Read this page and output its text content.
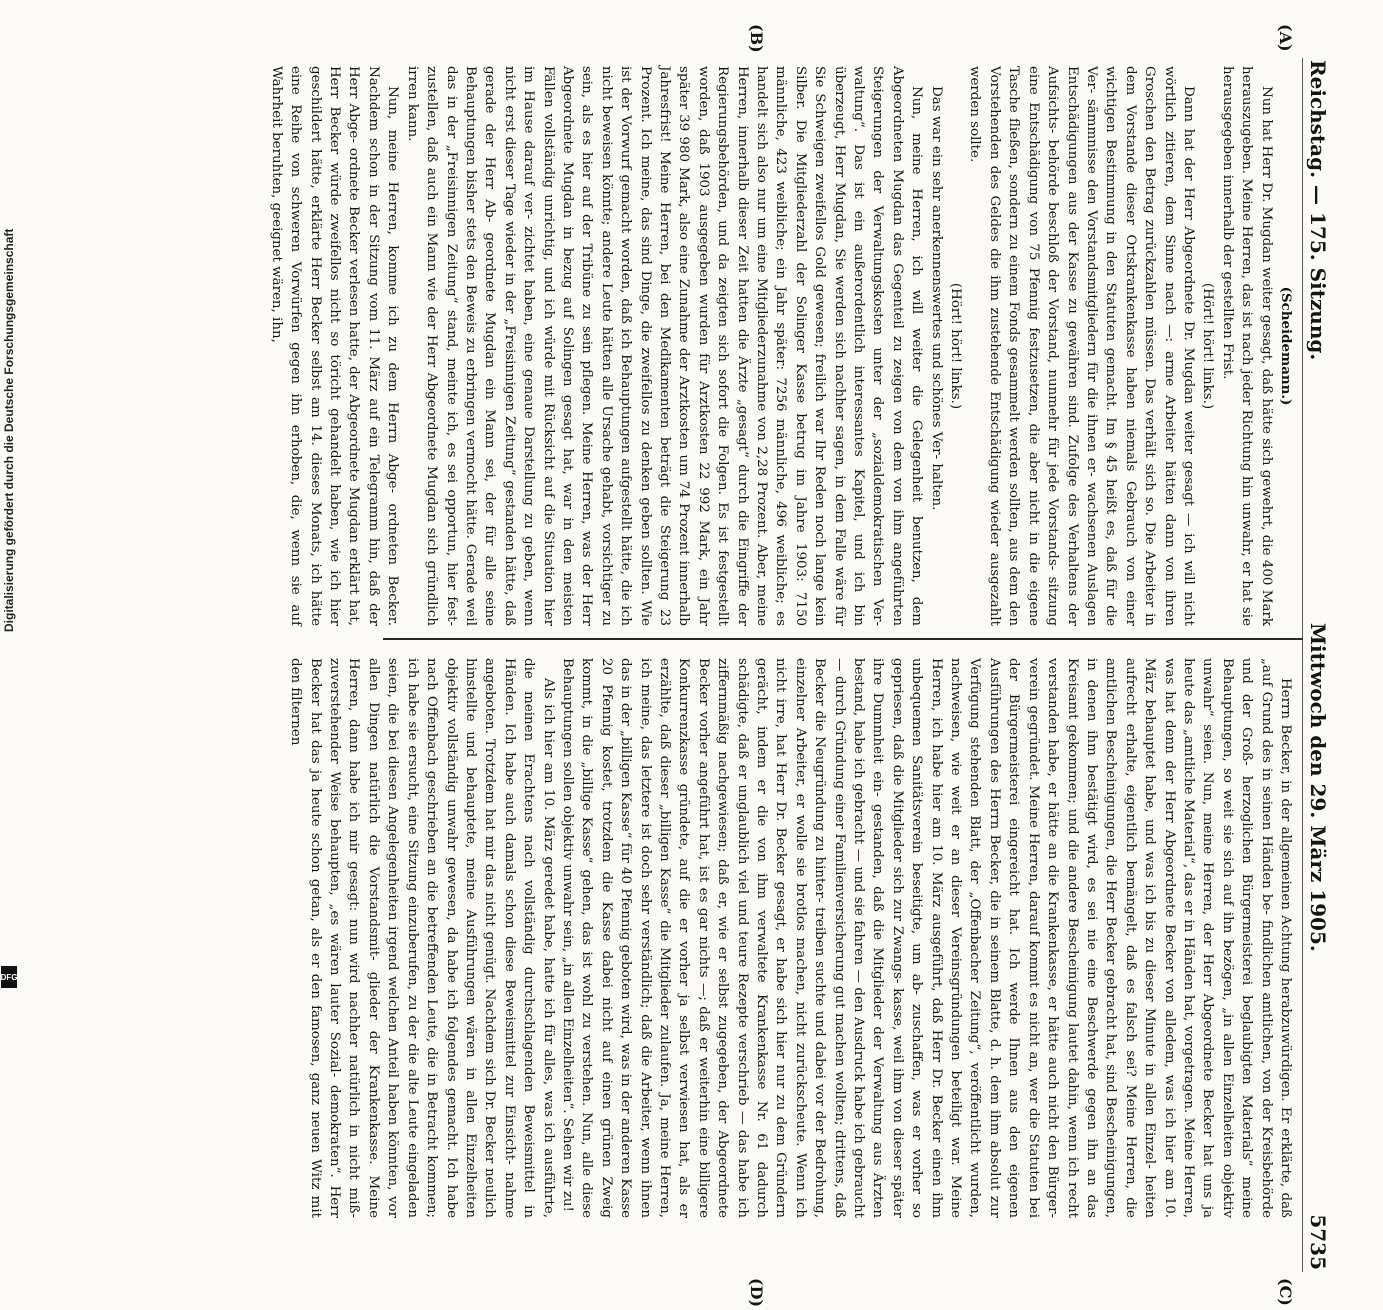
Reichstag. — 175. Sitzung.
Mittwoch den 29. März 1905.
5735
(A)
(B)
(C)
(D)

(Scheidemann.)

Nun hat Herr Dr. Mugdan weiter gesagt, daß hätte sich gewehrt, die 400 Mark herauszugeben. Meine Herren, das ist nach jeder Richtung hin unwahr, er hat sie herausgegeben innerhalb der gestellten Frist.

(Hört! hört! links.)

Dann hat der Herr Abgeordnete Dr. Mugdan weiter gesagt — ich will nicht wörtlich zitieren, dem Sinne nach —: arme Arbeiter hätten dann von ihren Groschen den Betrag zurückzahlen müssen. Das verhält sich so. Die Arbeiter in dem Vorstande dieser Ortskrankenkasse haben niemals Gebrauch von einer wichtigen Bestimmung in den Statuten gemacht. Im § 45 heißt es, daß für die Ver- sämmnisse den Vorstandsmitgliedern für die ihnen er- wachsenen Auslagen Entschädigungen aus der Kasse zu gewähren sind. Zufolge des Verhaltens der Aufsichts- behörde beschloß der Vorstand, nunmehr für jede Vorstands- sitzung eine Entschädigung von 75 Pfennig festzusetzen, die aber nicht in die eigene Tasche fließen, sondern zu einem Fonds gesammelt werden sollten, aus dem den Vorstehenden des Geldes die ihm zustehende Entschädigung wieder ausgezahlt werden sollte.

(Hört! hört! links.)

Das war ein sehr anerkennenswertes und schönes Ver- halten.

Nun, meine Herren, ich will weiter die Gelegenheit benutzen, dem Abgeordneten Mugdan das Gegenteil zu zeigen von dem von ihm angeführten Steigerungen der Verwaltungskosten unter der „sozialdemokratischen Ver- waltung“. Das ist ein außerordentlich interessantes Kapitel, und ich bin überzeugt, Herr Mugdan, Sie werden sich nachher sagen, in dem Falle wäre für Sie Schweigen zweifellos Gold gewesen; freilich war Ihr Reden noch lange kein Silber. Die Mitgliederzahl der Solinger Kasse betrug im Jahre 1903: 7150 männliche, 423 weibliche; ein Jahr später: 7256 männliche, 496 weibliche; es handelt sich also nur um eine Mitgliederzunahme von 2,28 Prozent. Aber, meine Herren, innerhalb dieser Zeit hatten die Ärzte „gesagt“ durch die Eingriffe der Regierungsbehörden, und da zeigten sich sofort die Folgen. Es ist festgestellt worden, daß 1903 ausgegeben wurden für Arztkosten 22 992 Mark, ein Jahr später 39 980 Mark, also eine Zunahme der Arztkosten um 74 Prozent innerhalb Jahresfrist! Meine Herren, bei den Medikamenten beträgt die Steigerung 23 Prozent. Ich meine, das sind Dinge, die zweifellos zu denken geben sollten. Wie ist der Vorwurf gemacht worden, daß ich Behauptungen aufgestellt hätte, die ich nicht beweisen könnte; andere Leute hätten alle Ursache gehabt, vorsichtiger zu sein, als es hier auf der Tribüne zu sein pflegen. Meine Herren, was der Herr Abgeordnete Mugdan in bezug auf Solingen gesagt hat, war in den meisten Fällen vollständig unrichtig, und ich würde mit Rücksicht auf die Situation hier im Hause darauf ver- zichtet haben, eine genaue Darstellung zu geben, wenn nicht erst dieser Tage wieder in der „Freisinnigen Zeitung“ gestanden hätte, daß gerade der Herr Ab- geordnete Mugdan ein Mann sei, der für alle seine Behauptungen bisher stets den Beweis zu erbringen vermocht hätte. Gerade weil das in der „Freisinnigen Zeitung“ stand, meinte ich, es sei opportun, hier fest- zustellen, daß auch ein Mann wie der Herr Abgeordnete Mugdan sich gründlich irren kann.

Nun, meine Herren, komme ich zu dem Herrn Abge- ordneten Becker. Nachdem schon in der Sitzung vom 11. März auf ein Telegramm hin, daß der Herr Abge- ordnete Becker verlesen hatte, der Abgeordnete Mugdan erklärt hat, Herr Becker würde zweifellos nicht so töricht gehandelt haben, wie ich hier geschildert hätte, erklärte Herr Becker selbst am 14. dieses Monats, ich hätte eine Reihe von schweren Vorwürfen gegen ihn erhoben, die, wenn sie auf Wahrheit beruhten, geeignet wären, ihn,

Herrn Becker, in der allgemeinen Achtung herabzuwürdigen. Er erklärte, daß „auf Grund des in seinen Händen be- findlichen amtlichen, von der Kreisbehörde und der Groß- herzoglichen Bürgermeisterei beglaubigten Materials“ meine Behauptungen, so weit sie sich auf ihn bezögen, „in allen Einzelheiten objektiv unwahr“ seien. Nun, meine Herren, der Herr Abgeordnete Becker hat uns ja heute das „amtliche Material“, das er in Händen hat, vorgetragen. Meine Herren, was hat denn der Herr Abgeordnete Becker von alledem, was ich hier am 10. März behauptet habe, und was ich bis zu dieser Minute in allen Einzel- heiten aufrecht erhalte, eigentlich bemängelt, daß es falsch sei? Meine Herren, die amtlichen Bescheinigungen, die Herr Becker gebracht hat, sind Bescheinigungen, in denen ihm bestätigt wird, es sei nie eine Beschwerde gegen ihn an das Kreisamt gekommen; und die andere Bescheinigung lautet dahin, wenn ich recht verstanden habe, er hätte an die Krankenkasse, er hätte auch nicht den Bürger- verein gegründet. Meine Herren, darauf kommt es nicht an, wer die Statuten bei der Bürgermeisterei eingereicht hat. Ich werde Ihnen aus den eigenen Ausführungen des Herrn Becker, die in seinem Blatte, d. h. dem ihm absolut zur Verfügung stehenden Blatt, der „Offenbacher Zeitung“, veröffentlicht wurden, nachweisen, wie weit er an dieser Vereinsgründungen beteiligt war. Meine Herren, ich habe hier am 10. März ausgeführt, daß Herr Dr. Becker einen ihm unbequemen Sanitätsverein beseitigte, um ab- zuschaffen, was er vorher so gepriesen, daß die Mitglieder sich zur Zwangs- kasse, weil ihm von dieser später ihre Dummheit ein- gestanden, daß die Mitglieder der Verwaltung aus Ärzten bestand, habe ich gebracht — und sie fahren — den Ausdruck habe ich gebraucht — durch Gründung einer Familienversicherung gut machen wollten; drittens, daß Becker die Neugründung zu hinter- treiben suchte und dabei vor der Bedrohung, einzelner Arbeiter, er wolle sie brotlos machen, nicht zurückscheute. Wenn ich nicht irre, hat Herr Dr. Becker gesagt, er habe sich hier nur zu dem Gründern gerächt, indem er die von ihm verwaltete Krankenkasse Nr. 61 dadurch schädigte, daß er unglaublich viel und teure Rezepte verschrieb — das habe ich ziffernmäßig nachgewiesen; daß er, wie er selbst zugegeben, der Abgeordnete Becker vorher angeführt hat, ist es gar nichts —; daß er weiterhin eine billigere Konkurrenzkasse gründete, auf die er vorher ja selbst verwiesen hat, als er erzählte, daß dieser „billigen Kasse“ die Mitglieder zulaufen. Ja, meine Herren, ich meine, das letztere ist doch sehr verständlich; daß die Arbeiter, wenn ihnen das in der „billigen Kasse“ für 40 Pfennig geboten wird, was in der anderen Kasse 20 Pfennig kostet, trotzdem die Kasse dabei nicht auf einen grünen Zweig kommt, in die „billige Kasse“ gehen, das ist wohl zu verstehen. Nun, alle diese Behauptungen sollen objektiv unwahr sein, „in allen Einzelheiten“. Sehen wir zu!

Als ich hier am 10. März geredet habe, hatte ich für alles, was ich ausführte, die meinen Erachtens nach vollständig durchschlagenden Beweismittel in Händen. Ich habe auch damals schon diese Beweismittel zur Einsicht- nahme angeboten. Trotzdem hat mir das nicht genügt. Nachdem sich Dr. Becker neulich hinstellte und behauptete, meine Ausführungen wären in allen Einzelheiten objektiv vollständig unwahr gewesen, da habe ich folgendes gemacht. Ich habe nach Offenbach geschrieben an die betreffenden Leute, die in Betracht kommen; ich habe sie ersucht, eine Sitzung einzuberufen, zu der die alte Leute eingeladen seien, die bei diesen Angelegenheiten irgend welchen Anteil haben könnten, vor allen Dingen natürlich die Vorstandsmit- glieder der Krankenkasse. Meine Herren, dann habe ich mir gesagt: nun wird nachher natürlich in nicht miß- zuverstehender Weise behaupten, „es wären lauter Sozial- demokraten“. Herr Becker hat das ja heute schon getan, als er den famosen, ganz neuen Witz mit den filternen

Digitalisierung gefördert durch die Deutsche Forschungsgemeinschaft
DFG
